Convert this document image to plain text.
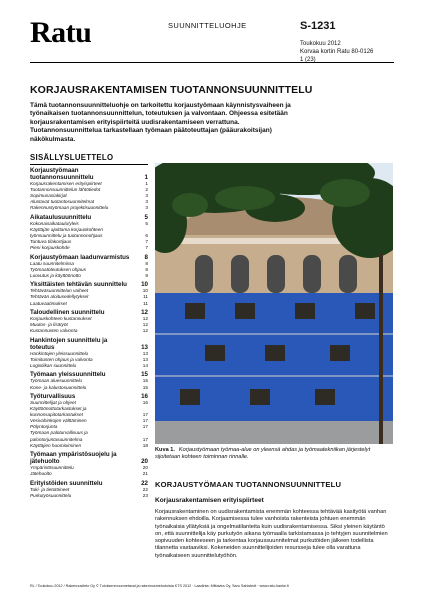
Ratu	SUUNNITTELUOHJE	S-1231
Toukokuu 2012
Korvaa kortin Ratu 80-0126
1 (23)
KORJAUSRAKENTAMISEN TUOTANNONSUUNNITTELU
Tämä tuotannonsuunnitteluohje on tarkoitettu korjaustyömaan käynnistysvaiheen ja työnaikaisen tuotannonsuunnittelun, toteutuksen ja valvontaan. Ohjeessa esitetään korjausrakentamisen erityispiirteitä uudisrakentamiseen verrattuna. Tuotannonsuunnittelua tarkastellaan työmaan päätoteuttajan (pääurakoitsijan) näkökulmasta.
SISÄLLYSLUETTELO
Korjaustyömaan tuotannonsuunnittelu	1
Korjausrakentamisen erityispiirteet	1
Tuotannonsuunnittelun lähtötiedot	2
Sopimusasiakirjat	3
Alustavat tuotantosuunnitelmat	3
Rakennustyömaan projektisuunnittelu	3
Aikataulusuunnittelu	5
Kokonaisaikataulu/yleis	5
Käyttäjän ajoittama korjauskohteen
työnsuunnittelu ja tuotannonohjaus	6
Tuntuva tilakortijaus	7
Pieni korjauskohde	7
Korjaustyömaan laadunvarmistus 8
Laatu suunnitelmissa	8
Työmaatoteutuksen ohjaus	8
Luovutus ja käyttöönotto	9
Yksittäisten tehtävän suunnittelu	10
Tehtäväsuunnittelun vaiheet	10
Tehtävän aloitusedellytykset	11
Laatuvaatimukset	11
Taloudellinen suunnittelu	12
Korjauskohteen kustannukset	12
Muutos- ja lisätyöt	12
Kustannusten valvonta	12
Hankintojen suunnittelu ja toteutus	13
Hankintojen yleissuunnittelu	13
Toimitusten ohjaus ja valvonta	13
Logistiikan suunnittelu	14
Työmaan yleissuunnittelu	15
Työmaan aluesuunnittelu	15
Kone- ja kalustosuunnittelu	15
Työturvallisuus	16
Suunnittelijat ja ohjeet	16
Käyttöönottotarkastukset ja
kunnossapitotarkastukset	17
Vesivahinkojen välttäminen	17
Pölyntorjunta	17
Työmaan paloturvallisuus ja
palontorjuntasuunnitelma	17
Käyttäjien huomioiminen	18
Työmaan ympäristösuojelu ja jätehuolto	20
Ympäristösuunnittelu	20
Jätehuolto	21
Erityistöiden suunnittelu	22
Tuki- ja tietotöineet	22
Purkutyösuunnittelu	23
Kuva 1. Korjaustyömaan työmaa-alue on yleensä ahdas ja työmaatekniikan järjestelyt sijoitetaan kohteen toiminnan rinnalle.
KORJAUSTYÖMAAN TUOTANNONSUUNNITTELU
Korjausrakentamisen erityispiirteet
Korjausrakentaminen on uudisrakentamista enemmän kohteessa tehtävää kasityötä vanhan rakennuksen ehdoilla. Korjaamisessa tulee vanhoista rakenteista johtuen enemmän työnaikaisia yllätyksiä ja ongelmatilanteita kuin uudisrakentamisessa. Siksi yleinen käytäntö on, että suunnittelija käy purkutyön aikana työmaalla tarkistamassa jo tehtyjen suunnitelmien sopivuuden kohteeseen ja tarkentaa korjaussuunnitelmat purkutöiden jälkeen todellista tilannetta vastaaviksi. Kokeneiden suunnittelijoiden resursseja tulee olla varattuna työnaikaiseen suunnittelutyöhön.
RL / Toukokuu 2012 / Rakennustieto Oy © Tuloksenmuunnetaval ja rakennusmetodoista KTS 2012 · Laadinta: Mittavira Oy, Saru Sahlstedt · www.ratu-hanke.fi
